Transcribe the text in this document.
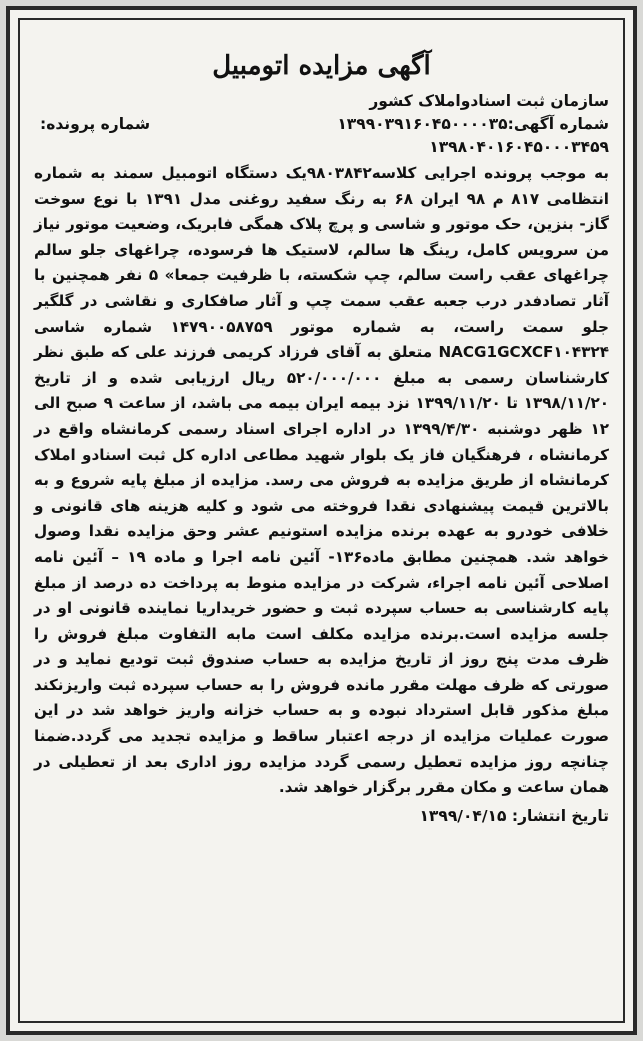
آگهی مزایده اتومبیل
سازمان ثبت اسنادواملاک کشور
شماره آگهی:۱۳۹۹۰۳۹۱۶۰۴۵۰۰۰۰۳۵
شماره پرونده:
۱۳۹۸۰۴۰۱۶۰۴۵۰۰۰۳۴۵۹

به موجب پرونده اجرایی کلاسه۹۸۰۳۸۴۲یک دستگاه اتومبیل سمند به شماره انتظامی ۸۱۷ م ۹۸ ایران ۶۸ به رنگ سفید روغنی مدل ۱۳۹۱ با نوع سوخت گاز- بنزین، حک موتور و شاسی و پرچ پلاک همگی فابریک، وضعیت موتور نیاز من سرویس کامل، رینگ ها سالم، لاستیک ها فرسوده، چراغهای جلو سالم چراغهای عقب راست سالم، چپ شکسته، با ظرفیت جمعا» ۵ نفر همچنین با آثار تصادفدر درب جعبه عقب سمت چپ و آثار صافکاری و نقاشی در گلگیر جلو سمت راست، به شماره موتور ۱۴۷۹۰۰۵۸۷۵۹ شماره شاسی NACG1GCXCF۱۰۴۳۲۴ متعلق به آقای فرزاد کریمی فرزند علی که طبق نظر کارشناسان رسمی به مبلغ ۵۲۰/۰۰۰/۰۰۰ ریال ارزیابی شده و از تاریخ ۱۳۹۸/۱۱/۲۰ تا ۱۳۹۹/۱۱/۲۰ نزد بیمه ایران بیمه می باشد، از ساعت ۹ صبح الی ۱۲ ظهر دوشنبه ۱۳۹۹/۴/۳۰ در اداره اجرای اسناد رسمی کرمانشاه واقع در کرمانشاه ، فرهنگیان فاز یک بلوار شهید مطاعی اداره کل ثبت اسنادو املاک کرمانشاه از طریق مزایده به فروش می رسد. مزایده از مبلغ پایه شروع و به بالاترین قیمت پیشنهادی نقدا فروخته می شود و کلیه هزینه های قانونی و خلافی خودرو به عهده برنده مزایده استونیم عشر وحق مزایده نقدا وصول خواهد شد. همچنین مطابق ماده۱۳۶- آئین نامه اجرا و ماده ۱۹ – آئین نامه اصلاحی آئین نامه اجراء، شرکت در مزایده منوط به پرداخت ده درصد از مبلغ پایه کارشناسی به حساب سپرده ثبت و حضور خریداریا نماینده قانونی او در جلسه مزایده است.برنده مزایده مکلف است مابه التفاوت مبلغ فروش را ظرف مدت پنج روز از تاریخ مزایده به حساب صندوق ثبت تودیع نماید و در صورتی که ظرف مهلت مقرر مانده فروش را به حساب سپرده ثبت واریزنکند مبلغ مذکور قابل استرداد نبوده و به حساب خزانه واریز خواهد شد در این صورت عملیات مزایده از درجه اعتبار ساقط و مزایده تجدید می گردد.ضمنا چنانچه روز مزایده تعطیل رسمی گردد مزایده روز اداری بعد از تعطیلی در همان ساعت و مکان مقرر برگزار خواهد شد.

تاریخ انتشار: ۱۳۹۹/۰۴/۱۵
